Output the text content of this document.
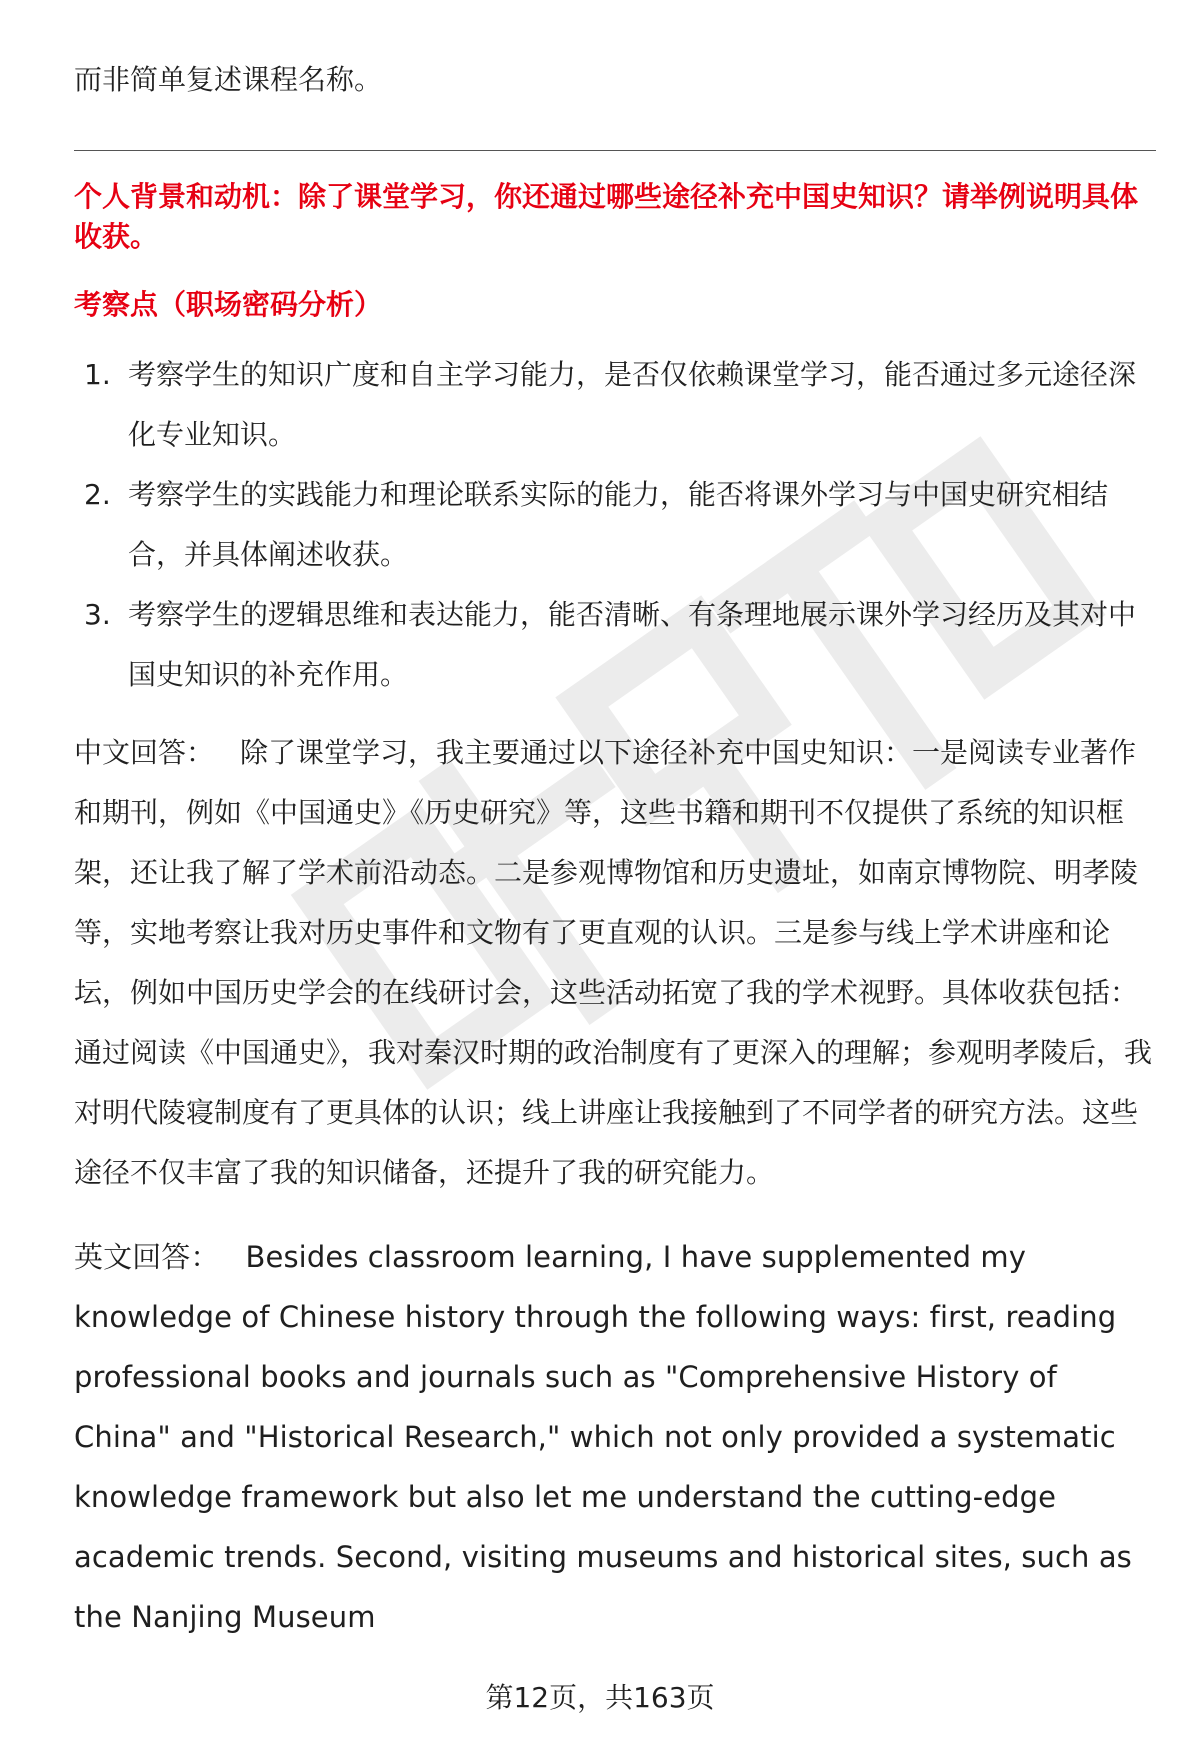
而非简单复述课程名称。

个人背景和动机：除了课堂学习，你还通过哪些途径补充中国史知识？请举例说明具体收获。

考察点（职场密码分析）

1. 考察学生的知识广度和自主学习能力，是否仅依赖课堂学习，能否通过多元途径深化专业知识。
2. 考察学生的实践能力和理论联系实际的能力，能否将课外学习与中国史研究相结合，并具体阐述收获。
3. 考察学生的逻辑思维和表达能力，能否清晰、有条理地展示课外学习经历及其对中国史知识的补充作用。

中文回答： 除了课堂学习，我主要通过以下途径补充中国史知识：一是阅读专业著作和期刊，例如《中国通史》《历史研究》等，这些书籍和期刊不仅提供了系统的知识框架，还让我了解了学术前沿动态。二是参观博物馆和历史遗址，如南京博物院、明孝陵等，实地考察让我对历史事件和文物有了更直观的认识。三是参与线上学术讲座和论坛，例如中国历史学会的在线研讨会，这些活动拓宽了我的学术视野。具体收获包括：通过阅读《中国通史》，我对秦汉时期的政治制度有了更深入的理解；参观明孝陵后，我对明代陵寝制度有了更具体的认识；线上讲座让我接触到了不同学者的研究方法。这些途径不仅丰富了我的知识储备，还提升了我的研究能力。

英文回答： Besides classroom learning, I have supplemented my knowledge of Chinese history through the following ways: first, reading professional books and journals such as "Comprehensive History of China" and "Historical Research," which not only provided a systematic knowledge framework but also let me understand the cutting-edge academic trends. Second, visiting museums and historical sites, such as the Nanjing Museum

第12页，共163页
